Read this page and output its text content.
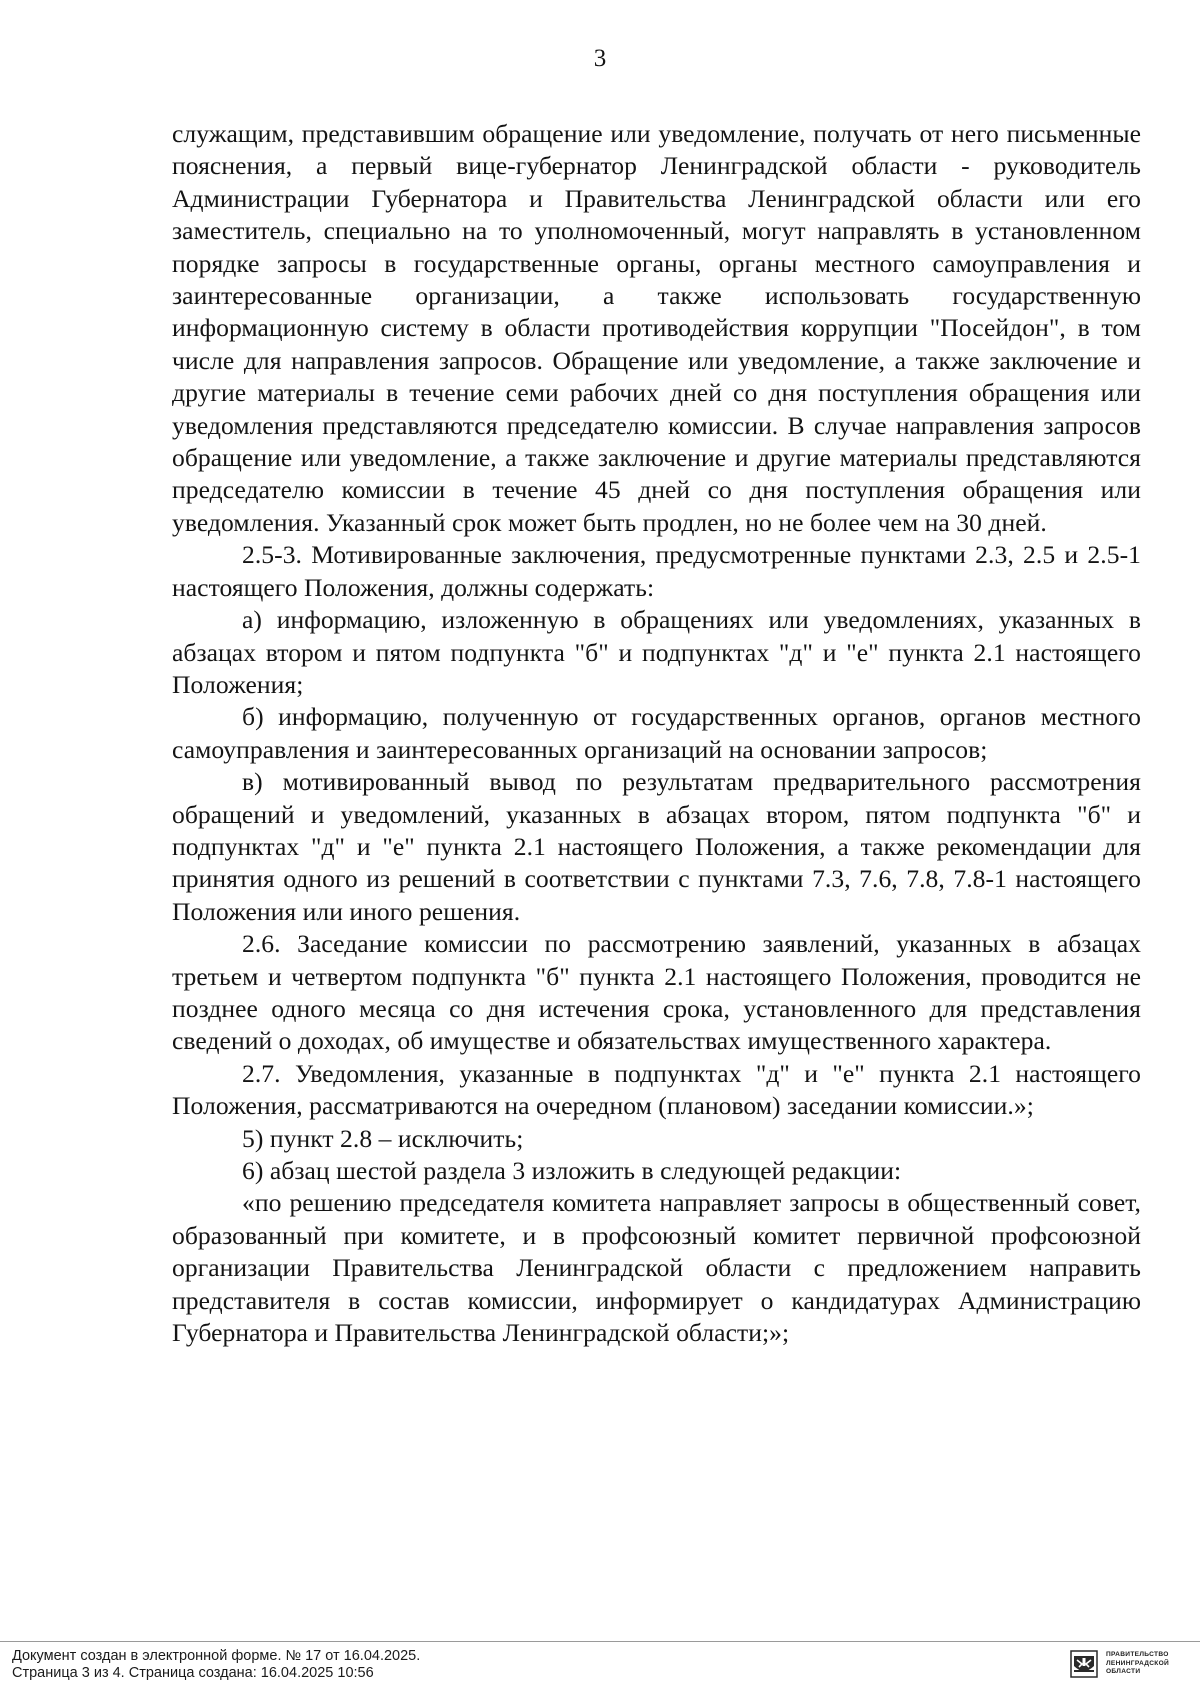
3

служащим, представившим обращение или уведомление, получать от него письменные пояснения, а первый вице-губернатор Ленинградской области - руководитель Администрации Губернатора и Правительства Ленинградской области или его заместитель, специально на то уполномоченный, могут направлять в установленном порядке запросы в государственные органы, органы местного самоуправления и заинтересованные организации, а также использовать государственную информационную систему в области противодействия коррупции "Посейдон", в том числе для направления запросов. Обращение или уведомление, а также заключение и другие материалы в течение семи рабочих дней со дня поступления обращения или уведомления представляются председателю комиссии. В случае направления запросов обращение или уведомление, а также заключение и другие материалы представляются председателю комиссии в течение 45 дней со дня поступления обращения или уведомления. Указанный срок может быть продлен, но не более чем на 30 дней.

2.5-3. Мотивированные заключения, предусмотренные пунктами 2.3, 2.5 и 2.5-1 настоящего Положения, должны содержать:

а) информацию, изложенную в обращениях или уведомлениях, указанных в абзацах втором и пятом подпункта "б" и подпунктах "д" и "е" пункта 2.1 настоящего Положения;

б) информацию, полученную от государственных органов, органов местного самоуправления и заинтересованных организаций на основании запросов;

в) мотивированный вывод по результатам предварительного рассмотрения обращений и уведомлений, указанных в абзацах втором, пятом подпункта "б" и подпунктах "д" и "е" пункта 2.1 настоящего Положения, а также рекомендации для принятия одного из решений в соответствии с пунктами 7.3, 7.6, 7.8, 7.8-1 настоящего Положения или иного решения.

2.6. Заседание комиссии по рассмотрению заявлений, указанных в абзацах третьем и четвертом подпункта "б" пункта 2.1 настоящего Положения, проводится не позднее одного месяца со дня истечения срока, установленного для представления сведений о доходах, об имуществе и обязательствах имущественного характера.

2.7. Уведомления, указанные в подпунктах "д" и "е" пункта 2.1 настоящего Положения, рассматриваются на очередном (плановом) заседании комиссии.»;

5) пункт 2.8 – исключить;

6) абзац шестой раздела 3 изложить в следующей редакции:

«по решению председателя комитета направляет запросы в общественный совет, образованный при комитете, и в профсоюзный комитет первичной профсоюзной организации Правительства Ленинградской области с предложением направить представителя в состав комиссии, информирует о кандидатурах Администрацию Губернатора и Правительства Ленинградской области;»;

Документ создан в электронной форме. № 17 от 16.04.2025.
Страница 3 из 4. Страница создана: 16.04.2025 10:56
ПРАВИТЕЛЬСТВО
ЛЕНИНГРАДСКОЙ
ОБЛАСТИ
